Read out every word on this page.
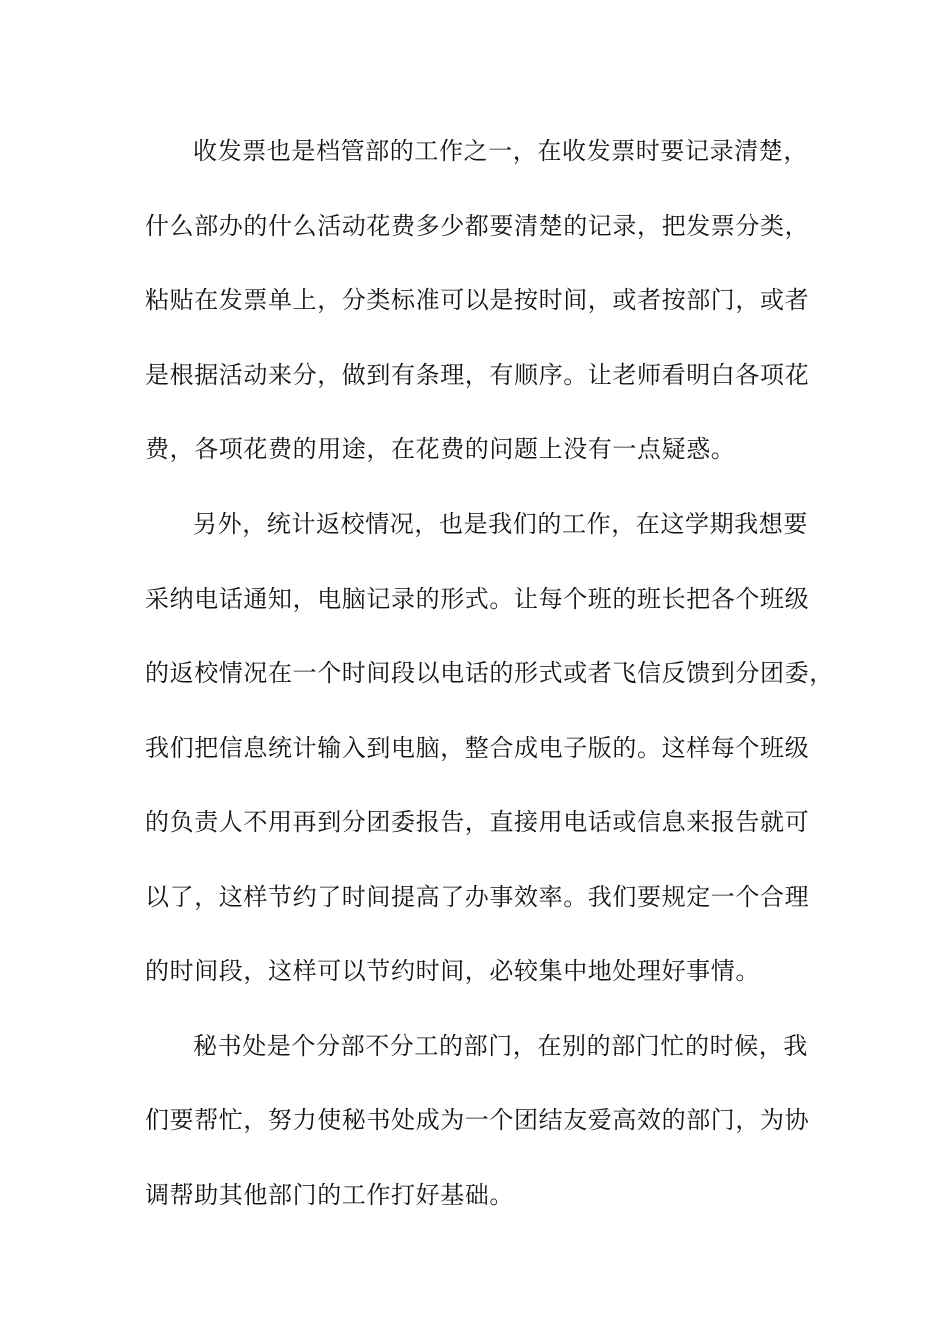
收发票也是档管部的工作之一，在收发票时要记录清楚，
什么部办的什么活动花费多少都要清楚的记录，把发票分类，
粘贴在发票单上，分类标准可以是按时间，或者按部门，或者
是根据活动来分，做到有条理，有顺序。让老师看明白各项花
费，各项花费的用途，在花费的问题上没有一点疑惑。
另外，统计返校情况，也是我们的工作，在这学期我想要
采纳电话通知，电脑记录的形式。让每个班的班长把各个班级
的返校情况在一个时间段以电话的形式或者飞信反馈到分团委，
我们把信息统计输入到电脑，整合成电子版的。这样每个班级
的负责人不用再到分团委报告，直接用电话或信息来报告就可
以了，这样节约了时间提高了办事效率。我们要规定一个合理
的时间段，这样可以节约时间，必较集中地处理好事情。
秘书处是个分部不分工的部门，在别的部门忙的时候，我
们要帮忙，努力使秘书处成为一个团结友爱高效的部门，为协
调帮助其他部门的工作打好基础。
